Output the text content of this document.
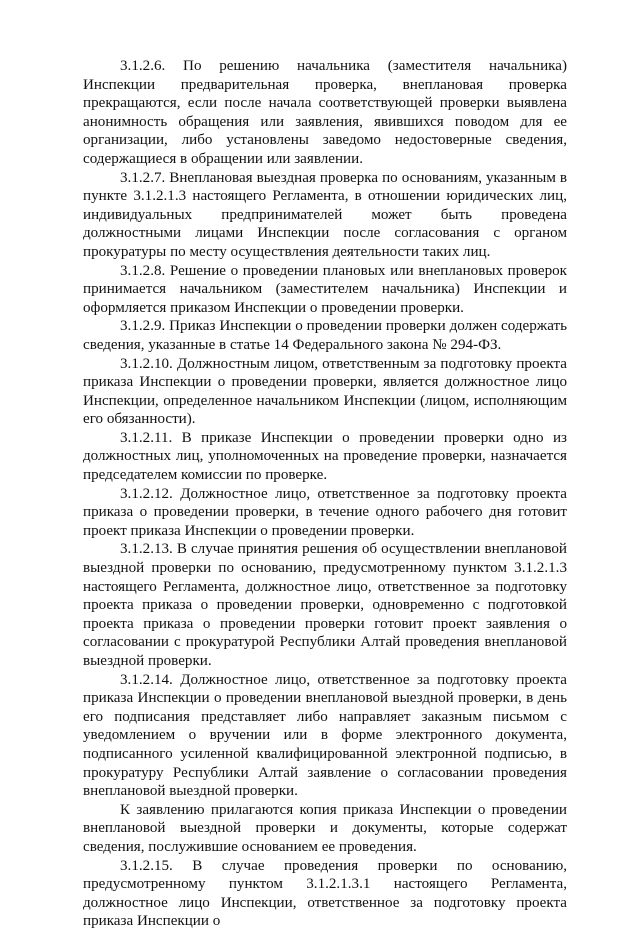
3.1.2.6. По решению начальника (заместителя начальника) Инспекции предварительная проверка, внеплановая проверка прекращаются, если после начала соответствующей проверки выявлена анонимность обращения или заявления, явившихся поводом для ее организации, либо установлены заведомо недостоверные сведения, содержащиеся в обращении или заявлении.

3.1.2.7. Внеплановая выездная проверка по основаниям, указанным в пункте 3.1.2.1.3 настоящего Регламента, в отношении юридических лиц, индивидуальных предпринимателей может быть проведена должностными лицами Инспекции после согласования с органом прокуратуры по месту осуществления деятельности таких лиц.

3.1.2.8. Решение о проведении плановых или внеплановых проверок принимается начальником (заместителем начальника) Инспекции и оформляется приказом Инспекции о проведении проверки.

3.1.2.9. Приказ Инспекции о проведении проверки должен содержать сведения, указанные в статье 14 Федерального закона № 294-ФЗ.

3.1.2.10. Должностным лицом, ответственным за подготовку проекта приказа Инспекции о проведении проверки, является должностное лицо Инспекции, определенное начальником Инспекции (лицом, исполняющим его обязанности).

3.1.2.11. В приказе Инспекции о проведении проверки одно из должностных лиц, уполномоченных на проведение проверки, назначается председателем комиссии по проверке.

3.1.2.12. Должностное лицо, ответственное за подготовку проекта приказа о проведении проверки, в течение одного рабочего дня готовит проект приказа Инспекции о проведении проверки.

3.1.2.13. В случае принятия решения об осуществлении внеплановой выездной проверки по основанию, предусмотренному пунктом 3.1.2.1.3 настоящего Регламента, должностное лицо, ответственное за подготовку проекта приказа о проведении проверки, одновременно с подготовкой проекта приказа о проведении проверки готовит проект заявления о согласовании с прокуратурой Республики Алтай проведения внеплановой выездной проверки.

3.1.2.14. Должностное лицо, ответственное за подготовку проекта приказа Инспекции о проведении внеплановой выездной проверки, в день его подписания представляет либо направляет заказным письмом с уведомлением о вручении или в форме электронного документа, подписанного усиленной квалифицированной электронной подписью, в прокуратуру Республики Алтай заявление о согласовании проведения внеплановой выездной проверки.

К заявлению прилагаются копия приказа Инспекции о проведении внеплановой выездной проверки и документы, которые содержат сведения, послужившие основанием ее проведения.

3.1.2.15. В случае проведения проверки по основанию, предусмотренному пунктом 3.1.2.1.3.1 настоящего Регламента, должностное лицо Инспекции, ответственное за подготовку проекта приказа Инспекции о
